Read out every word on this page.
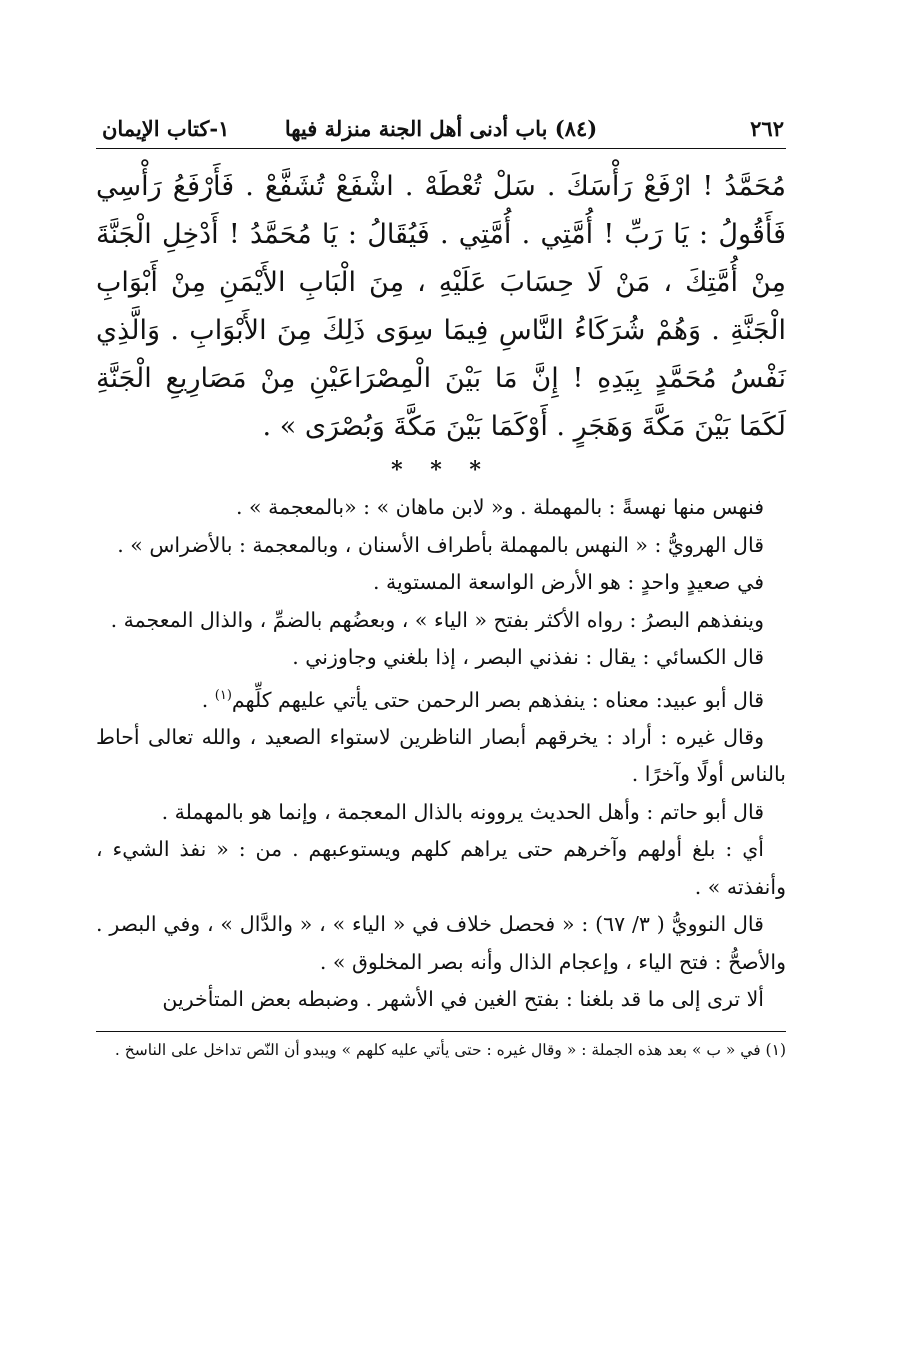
٢٦٢
(٨٤) باب أدنى أهل الجنة منزلة فيها
١-كتاب الإيمان
مُحَمَّدُ ! ارْفَعْ رَأْسَكَ . سَلْ تُعْطَهْ . اشْفَعْ تُشَفَّعْ . فَأَرْفَعُ رَأْسِي فَأَقُولُ : يَا رَبِّ ! أُمَّتِي . أُمَّتِي . فَيُقَالُ : يَا مُحَمَّدُ ! أَدْخِلِ الْجَنَّةَ مِنْ أُمَّتِكَ ، مَنْ لَا حِسَابَ عَلَيْهِ ، مِنَ الْبَابِ الأَيْمَنِ مِنْ أَبْوَابِ الْجَنَّةِ . وَهُمْ شُرَكَاءُ النَّاسِ فِيمَا سِوَى ذَلِكَ مِنَ الأَبْوَابِ . وَالَّذِي نَفْسُ مُحَمَّدٍ بِيَدِهِ ! إِنَّ مَا بَيْنَ الْمِصْرَاعَيْنِ مِنْ مَصَارِيعِ الْجَنَّةِ لَكَمَا بَيْنَ مَكَّةَ وَهَجَرٍ . أَوْكَمَا بَيْنَ مَكَّةَ وَبُصْرَى » .
* * *

فنهس منها نهسةً : بالمهملة . و« لابن ماهان » : «بالمعجمة » .

قال الهرويُّ : « النهس بالمهملة بأطراف الأسنان ، وبالمعجمة : بالأضراس » .

في صعيدٍ واحدٍ : هو الأرض الواسعة المستوية .

وينفذهم البصرُ : رواه الأكثر بفتح « الياء » ، وبعضُهم بالضمِّ ، والذال المعجمة .

قال الكسائي : يقال : نفذني البصر ، إذا بلغني وجاوزني .

قال أبو عبيد: معناه : ينفذهم بصر الرحمن حتى يأتي عليهم كلِّهم$^{(١)}$ .

وقال غيره : أراد : يخرقهم أبصار الناظرين لاستواء الصعيد ، والله تعالى أحاط بالناس أولًا وآخرًا .

قال أبو حاتم : وأهل الحديث يروونه بالذال المعجمة ، وإنما هو بالمهملة .

أي : بلغ أولهم وآخرهم حتى يراهم كلهم ويستوعبهم . من : « نفذ الشيء ، وأنفذته » .

قال النوويُّ ( ٣/ ٦٧) : « فحصل خلاف في « الياء » ، « والدَّال » ، وفي البصر . والأصحُّ : فتح الياء ، وإعجام الذال وأنه بصر المخلوق » .

ألا ترى إلى ما قد بلغنا : بفتح الغين في الأشهر . وضبطه بعض المتأخرين

(١) في « ب » بعد هذه الجملة : « وقال غيره : حتى يأتي عليه كلهم » ويبدو أن النّص تداخل على الناسخ .
